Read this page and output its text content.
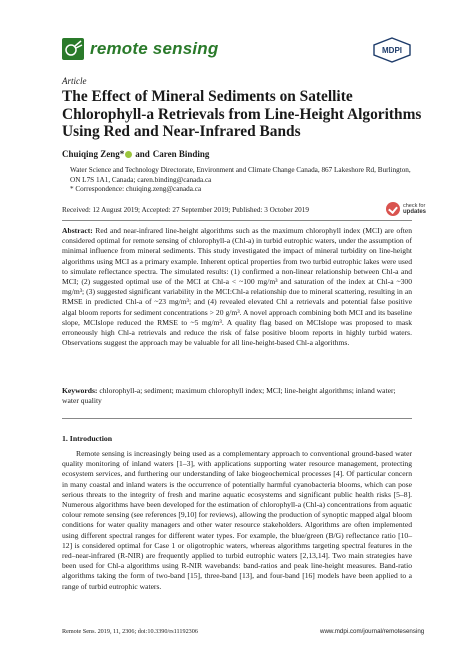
remote sensing	MDPI
Article
The Effect of Mineral Sediments on Satellite Chlorophyll-a Retrievals from Line-Height Algorithms Using Red and Near-Infrared Bands
Chuiqing Zeng * and Caren Binding
Water Science and Technology Directorate, Environment and Climate Change Canada, 867 Lakeshore Rd, Burlington, ON L7S 1A1, Canada; caren.binding@canada.ca
* Correspondence: chuiqing.zeng@canada.ca
check for
updates
Received: 12 August 2019; Accepted: 27 September 2019; Published: 3 October 2019
Abstract: Red and near-infrared line-height algorithms such as the maximum chlorophyll index (MCI) are often considered optimal for remote sensing of chlorophyll-a (Chl-a) in turbid eutrophic waters, under the assumption of minimal influence from mineral sediments. This study investigated the impact of mineral turbidity on line-height algorithms using MCI as a primary example. Inherent optical properties from two turbid eutrophic lakes were used to simulate reflectance spectra. The simulated results: (1) confirmed a non-linear relationship between Chl-a and MCI; (2) suggested optimal use of the MCI at Chl-a < ~100 mg/m³ and saturation of the index at Chl-a ~300 mg/m³; (3) suggested significant variability in the MCI:Chl-a relationship due to mineral scattering, resulting in an RMSE in predicted Chl-a of ~23 mg/m³; and (4) revealed elevated Chl a retrievals and potential false positive algal bloom reports for sediment concentrations > 20 g/m³. A novel approach combining both MCI and its baseline slope, MCIslope reduced the RMSE to ~5 mg/m³. A quality flag based on MCIslope was proposed to mask erroneously high Chl-a retrievals and reduce the risk of false positive bloom reports in highly turbid waters. Observations suggest the approach may be valuable for all line-height-based Chl-a algorithms.
Keywords: chlorophyll-a; sediment; maximum chlorophyll index; MCI; line-height algorithms; inland water; water quality
1. Introduction
Remote sensing is increasingly being used as a complementary approach to conventional ground-based water quality monitoring of inland waters [1–3], with applications supporting water resource management, protecting ecosystem services, and furthering our understanding of lake biogeochemical processes [4]. Of particular concern in many coastal and inland waters is the occurrence of potentially harmful cyanobacteria blooms, which can pose serious threats to the integrity of fresh and marine aquatic ecosystems and significant public health risks [5–8]. Numerous algorithms have been developed for the estimation of chlorophyll-a (Chl-a) concentrations from aquatic colour remote sensing (see references [9,10] for reviews), allowing the production of synoptic mapped algal bloom conditions for water quality managers and other water resource stakeholders. Algorithms are often implemented using different spectral ranges for different water types. For example, the blue/green (B/G) reflectance ratio [10–12] is considered optimal for Case 1 or oligotrophic waters, whereas algorithms targeting spectral features in the red–near-infrared (R-NIR) are frequently applied to turbid eutrophic waters [2,13,14]. Two main strategies have been used for Chl-a algorithms using R-NIR wavebands: band-ratios and peak line-height measures. Band-ratio algorithms taking the form of two-band [15], three-band [13], and four-band [16] models have been applied to a range of turbid eutrophic waters.
Remote Sens. 2019, 11, 2306; doi:10.3390/rs11192306	www.mdpi.com/journal/remotesensing
